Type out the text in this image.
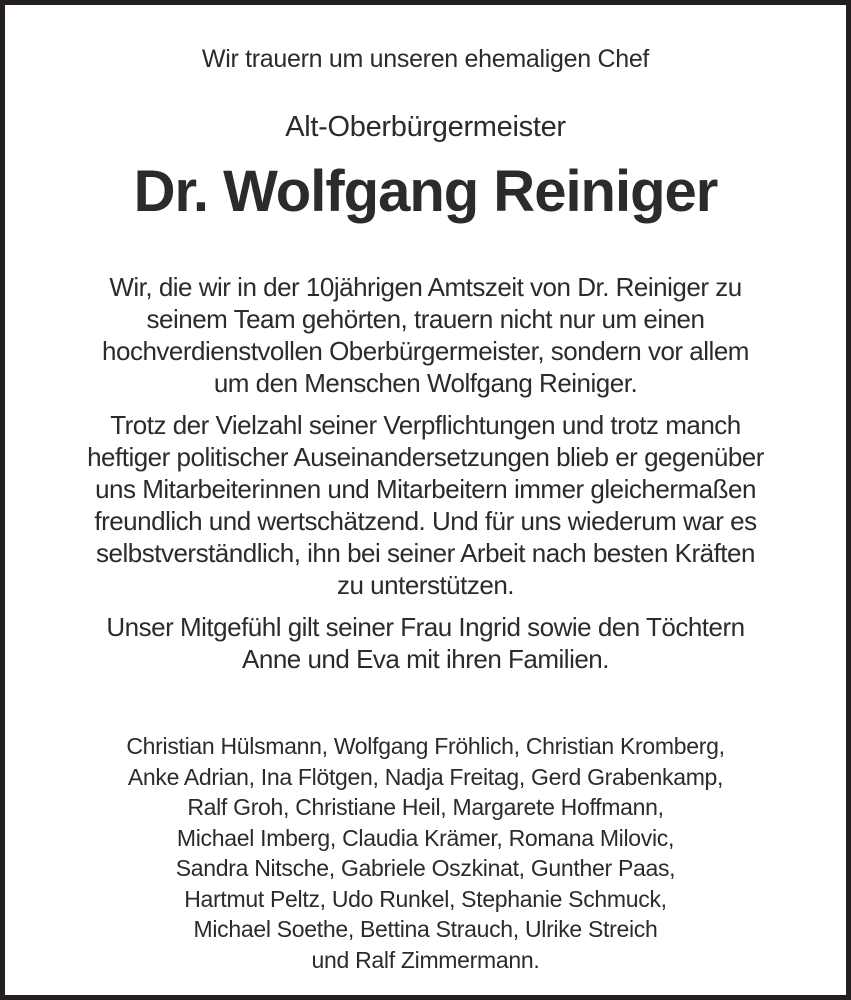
Wir trauern um unseren ehemaligen Chef
Alt-Oberbürgermeister
Dr. Wolfgang Reiniger
Wir, die wir in der 10jährigen Amtszeit von Dr. Reiniger zu
seinem Team gehörten, trauern nicht nur um einen
hochverdienstvollen Oberbürgermeister, sondern vor allem
um den Menschen Wolfgang Reiniger.
Trotz der Vielzahl seiner Verpflichtungen und trotz manch
heftiger politischer Auseinandersetzungen blieb er gegenüber
uns Mitarbeiterinnen und Mitarbeitern immer gleichermaßen
freundlich und wertschätzend. Und für uns wiederum war es
selbstverständlich, ihn bei seiner Arbeit nach besten Kräften
zu unterstützen.
Unser Mitgefühl gilt seiner Frau Ingrid sowie den Töchtern
Anne und Eva mit ihren Familien.
Christian Hülsmann, Wolfgang Fröhlich, Christian Kromberg,
Anke Adrian, Ina Flötgen, Nadja Freitag, Gerd Grabenkamp,
Ralf Groh, Christiane Heil, Margarete Hoffmann,
Michael Imberg, Claudia Krämer, Romana Milovic,
Sandra Nitsche, Gabriele Oszkinat, Gunther Paas,
Hartmut Peltz, Udo Runkel, Stephanie Schmuck,
Michael Soethe, Bettina Strauch, Ulrike Streich
und Ralf Zimmermann.
